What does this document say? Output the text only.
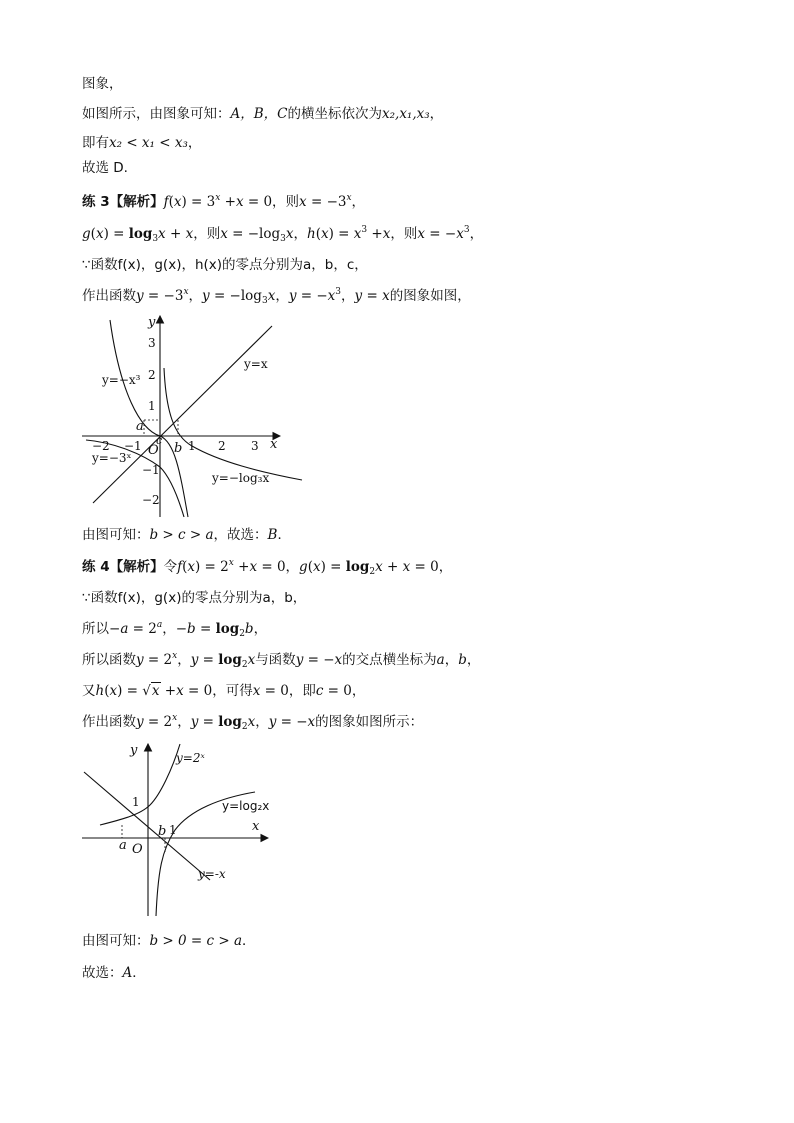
图象，
如图所示，由图象可知：A，B，C的横坐标依次为x₂,x₁,x₃，
即有x₂ < x₁ < x₃，
故选 D.
练 3【解析】$f(x) = 3^x +x = 0$，则$x = -3^x$，
$g(x) = \log_3x + x$，则$x = -\log_3x$，$h(x) = x^3 +x$，则$x = -x^3$，
∵函数f(x)，g(x)，h(x)的零点分别为a，b，c，
作出函数$y = -3^x$，$y = -\log_3x$，$y = -x^3$，y = x的图象如图，
x
y
O
−2 −1	1 2 3
3
2
1
−1
−2
y=x
y=−x³
y=−3ˣ
y=−log₃x
a
b
c
由图可知：b > c > a，故选：B．
练 4【解析】令$f(x) = 2^x +x = 0$，$g(x) = \log_2x + x = 0$，
∵函数f(x)，g(x)的零点分别为a，b，
所以$-a = 2^a$，$-b = \log_2b$，
所以函数$y = 2^x$，$y = \log_2x$与函数y = −x的交点横坐标为a，b，
又h(x) = √x +x = 0，可得x = 0，即c = 0，
作出函数$y = 2^x$，$y = \log_2x$，y = −x的图象如图所示：
x
y
O
1
1
y=2ˣ
y=log₂x
y=-x
a
b
由图可知：b > 0 = c > a．
故选：A．
